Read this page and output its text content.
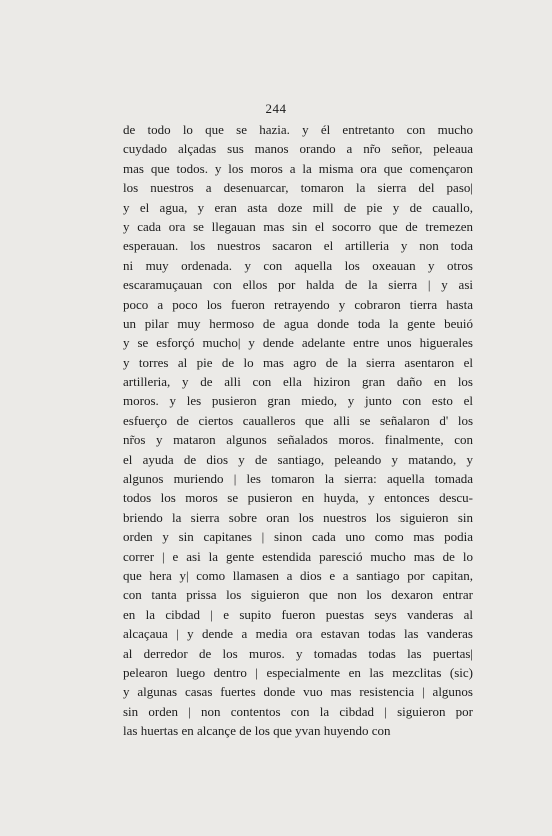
244
de todo lo que se hazia. y él entretanto con mucho
cuydado alçadas sus manos orando a nr̃o señor, peleaua
mas que todos. y los moros a la misma ora que començaron
los nuestros a desenuarcar, tomaron la sierra del paso|
y el agua, y eran asta doze mill de pie y de cauallo,
y cada ora se llegauan mas sin el socorro que de tremezen
esperauan. los nuestros sacaron el artilleria y non toda
ni muy ordenada. y con aquella los oxeauan y otros
escaramuçauan con ellos por halda de la sierra | y asi
poco a poco los fueron retrayendo y cobraron tierra hasta
un pilar muy hermoso de agua donde toda la gente beuió
y se esforçó mucho| y dende adelante entre unos higuerales
y torres al pie de lo mas agro de la sierra asentaron el
artilleria, y de alli con ella hiziron gran daño en los
moros. y les pusieron gran miedo, y junto con esto el
esfuerço de ciertos caualleros que alli se señalaron d' los
nr̃os y mataron algunos señalados moros. finalmente, con
el ayuda de dios y de santiago, peleando y matando, y
algunos muriendo | les tomaron la sierra: aquella tomada
todos los moros se pusieron en huyda, y entonces descu-
briendo la sierra sobre oran los nuestros los siguieron sin
orden y sin capitanes | sinon cada uno como mas podia
correr | e asi la gente estendida paresció mucho mas de lo
que hera y| como llamasen a dios e a santiago por capitan,
con tanta prissa los siguieron que non los dexaron entrar
en la cibdad | e supito fueron puestas seys vanderas al
alcaçaua | y dende a media ora estavan todas las vanderas
al derredor de los muros. y tomadas todas las puertas|
pelearon luego dentro | especialmente en las mezclitas (sic)
y algunas casas fuertes donde vuo mas resistencia | algunos
sin orden | non contentos con la cibdad | siguieron por
las huertas en alcançe de los que yvan huyendo con
